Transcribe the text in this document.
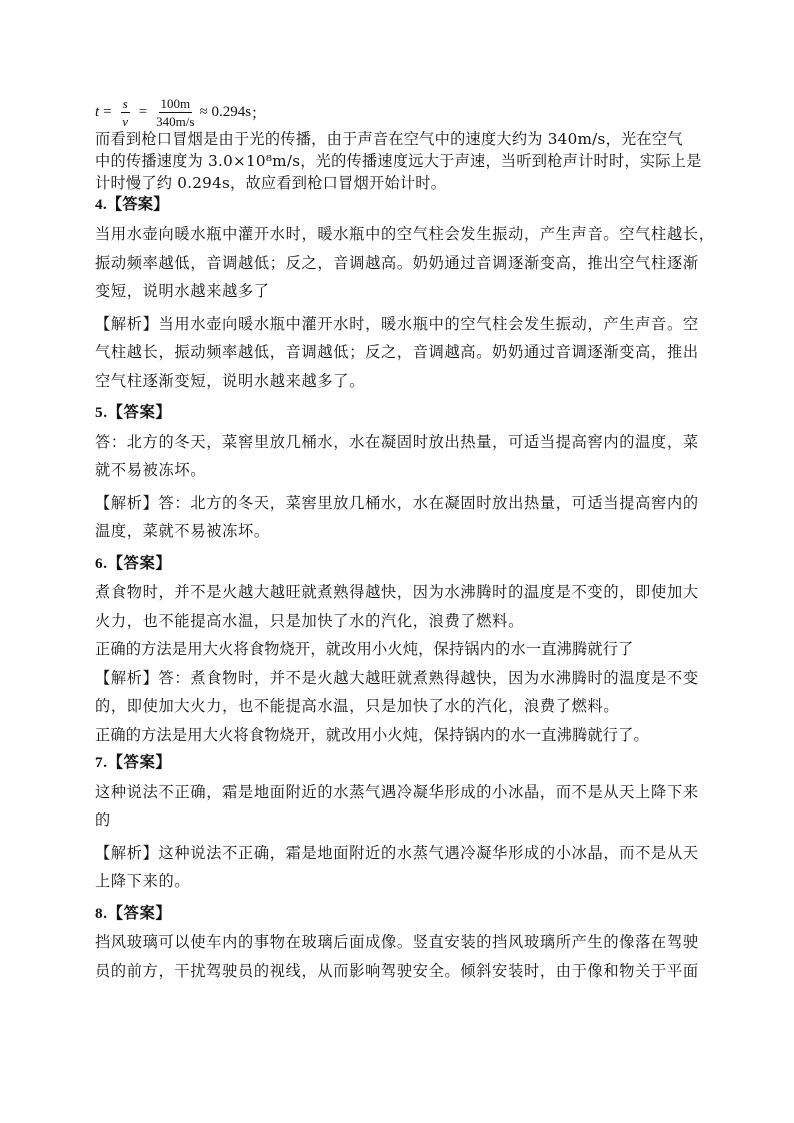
$t = \frac{s}{v} = \frac{100m}{340m/s} \approx 0.294s$ ；
而看到枪口冒烟是由于光的传播，由于声音在空气中的速度大约为 340m/s，光在空气
中的传播速度为 3.0×10⁸m/s，光的传播速度远大于声速，当听到枪声计时时，实际上是
计时慢了约 0.294s，故应看到枪口冒烟开始计时。
4.【答案】
当用水壶向暖水瓶中灌开水时，暖水瓶中的空气柱会发生振动，产生声音。空气柱越长，
振动频率越低，音调越低；反之，音调越高。奶奶通过音调逐渐变高，推出空气柱逐渐
变短，说明水越来越多了
【解析】当用水壶向暖水瓶中灌开水时，暖水瓶中的空气柱会发生振动，产生声音。空
气柱越长，振动频率越低，音调越低；反之，音调越高。奶奶通过音调逐渐变高，推出
空气柱逐渐变短，说明水越来越多了。
5.【答案】
答：北方的冬天，菜窖里放几桶水，水在凝固时放出热量，可适当提高窖内的温度，菜
就不易被冻坏。
【解析】答：北方的冬天，菜窖里放几桶水，水在凝固时放出热量，可适当提高窖内的
温度，菜就不易被冻坏。
6.【答案】
煮食物时，并不是火越大越旺就煮熟得越快，因为水沸腾时的温度是不变的，即使加大
火力，也不能提高水温，只是加快了水的汽化，浪费了燃料。
正确的方法是用大火将食物烧开，就改用小火炖，保持锅内的水一直沸腾就行了
【解析】答：煮食物时，并不是火越大越旺就煮熟得越快，因为水沸腾时的温度是不变
的，即使加大火力，也不能提高水温，只是加快了水的汽化，浪费了燃料。
正确的方法是用大火将食物烧开，就改用小火炖，保持锅内的水一直沸腾就行了。
7.【答案】
这种说法不正确，霜是地面附近的水蒸气遇冷凝华形成的小冰晶，而不是从天上降下来
的
【解析】这种说法不正确，霜是地面附近的水蒸气遇冷凝华形成的小冰晶，而不是从天
上降下来的。
8.【答案】
挡风玻璃可以使车内的事物在玻璃后面成像。竖直安装的挡风玻璃所产生的像落在驾驶
员的前方，干扰驾驶员的视线，从而影响驾驶安全。倾斜安装时，由于像和物关于平面
